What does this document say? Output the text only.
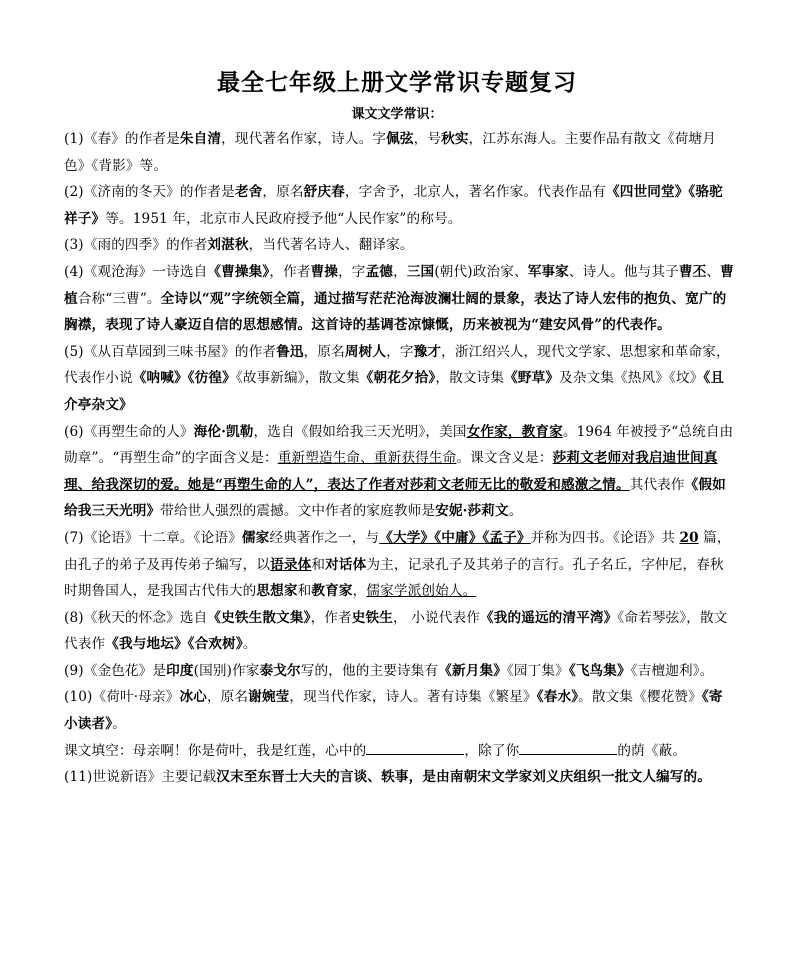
最全七年级上册文学常识专题复习
课文文学常识：

(1)《春》的作者是朱自清，现代著名作家，诗人。字佩弦，号秋实，江苏东海人。主要作品有散文《荷塘月色》《背影》等。

(2)《济南的冬天》的作者是老舍，原名舒庆春，字舍予，北京人，著名作家。代表作品有《四世同堂》《骆驼祥子》等。1951 年，北京市人民政府授予他“人民作家”的称号。

(3)《雨的四季》的作者刘湛秋，当代著名诗人、翻译家。

(4)《观沧海》一诗选自《曹操集》，作者曹操，字孟德，三国(朝代)政治家、军事家、诗人。他与其子曹丕、曹植合称“三曹”。全诗以“观”字统领全篇，通过描写茫茫沧海波澜壮阔的景象，表达了诗人宏伟的抱负、宽广的胸襟，表现了诗人豪迈自信的思想感情。这首诗的基调苍凉慷慨，历来被视为“建安风骨”的代表作。

(5)《从百草园到三味书屋》的作者鲁迅，原名周树人，字豫才，浙江绍兴人，现代文学家、思想家和革命家，代表作小说《呐喊》《彷徨》《故事新编》，散文集《朝花夕拾》，散文诗集《野草》及杂文集《热风》《坟》《且介亭杂文》

(6)《再塑生命的人》海伦·凯勒，选自《假如给我三天光明》，美国女作家，教育家。1964 年被授予“总统自由勋章”。“再塑生命”的字面含义是：重新塑造生命、重新获得生命。课文含义是：莎莉文老师对我启迪世间真理、给我深切的爱。她是“再塑生命的人”，表达了作者对莎莉文老师无比的敬爱和感激之情。其代表作《假如给我三天光明》带给世人强烈的震撼。文中作者的家庭教师是安妮·莎莉文。

(7)《论语》十二章。《论语》儒家经典著作之一，与《大学》《中庸》《孟子》并称为四书。《论语》共 20 篇，由孔子的弟子及再传弟子编写，以语录体和对话体为主，记录孔子及其弟子的言行。孔子名丘，字仲尼，春秋时期鲁国人，是我国古代伟大的思想家和教育家，儒家学派创始人。

(8)《秋天的怀念》选自《史铁生散文集》，作者史铁生， 小说代表作《我的遥远的清平湾》《命若琴弦》，散文代表作《我与地坛》《合欢树》。

(9)《金色花》是印度(国别)作家泰戈尔写的，他的主要诗集有《新月集》《园丁集》《飞鸟集》《吉檀迦利》。

(10)《荷叶·母亲》冰心，原名谢婉莹，现当代作家，诗人。著有诗集《繁星》《春水》。散文集《樱花赞》《寄小读者》。

课文填空：母亲啊！你是荷叶，我是红莲，心中的	，除了你	的荫《蔽。

(11)世说新语》主要记载汉末至东晋士大夫的言谈、轶事，是由南朝宋文学家刘义庆组织一批文人编写的。
